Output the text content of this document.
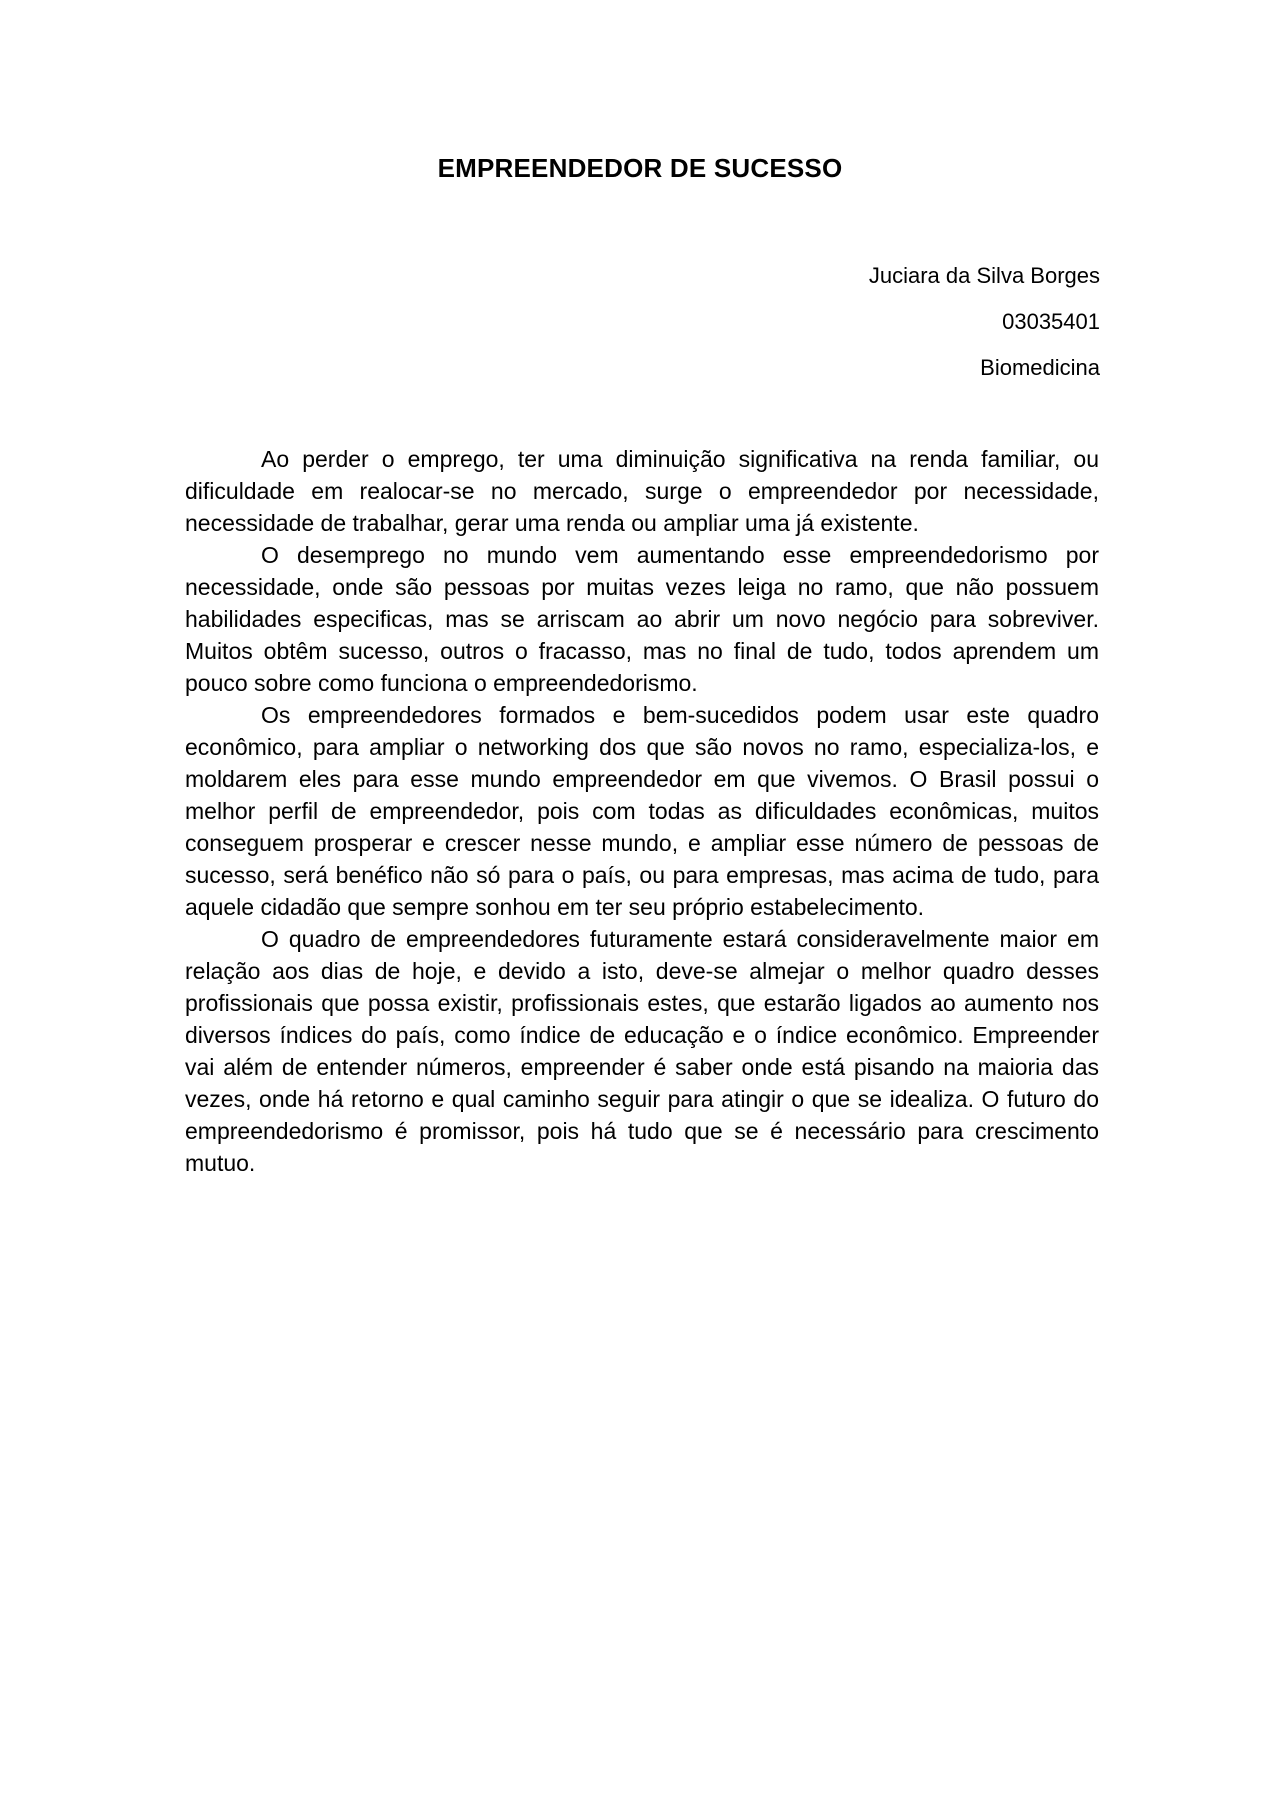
EMPREENDEDOR DE SUCESSO
Juciara da Silva Borges
03035401
Biomedicina

Ao perder o emprego, ter uma diminuição significativa na renda familiar, ou dificuldade em realocar-se no mercado, surge o empreendedor por necessidade, necessidade de trabalhar, gerar uma renda ou ampliar uma já existente.

O desemprego no mundo vem aumentando esse empreendedorismo por necessidade, onde são pessoas por muitas vezes leiga no ramo, que não possuem habilidades especificas, mas se arriscam ao abrir um novo negócio para sobreviver. Muitos obtêm sucesso, outros o fracasso, mas no final de tudo, todos aprendem um pouco sobre como funciona o empreendedorismo.

Os empreendedores formados e bem-sucedidos podem usar este quadro econômico, para ampliar o networking dos que são novos no ramo, especializa-los, e moldarem eles para esse mundo empreendedor em que vivemos. O Brasil possui o melhor perfil de empreendedor, pois com todas as dificuldades econômicas, muitos conseguem prosperar e crescer nesse mundo, e ampliar esse número de pessoas de sucesso, será benéfico não só para o país, ou para empresas, mas acima de tudo, para aquele cidadão que sempre sonhou em ter seu próprio estabelecimento.

O quadro de empreendedores futuramente estará consideravelmente maior em relação aos dias de hoje, e devido a isto, deve-se almejar o melhor quadro desses profissionais que possa existir, profissionais estes, que estarão ligados ao aumento nos diversos índices do país, como índice de educação e o índice econômico. Empreender vai além de entender números, empreender é saber onde está pisando na maioria das vezes, onde há retorno e qual caminho seguir para atingir o que se idealiza. O futuro do empreendedorismo é promissor, pois há tudo que se é necessário para crescimento mutuo.
